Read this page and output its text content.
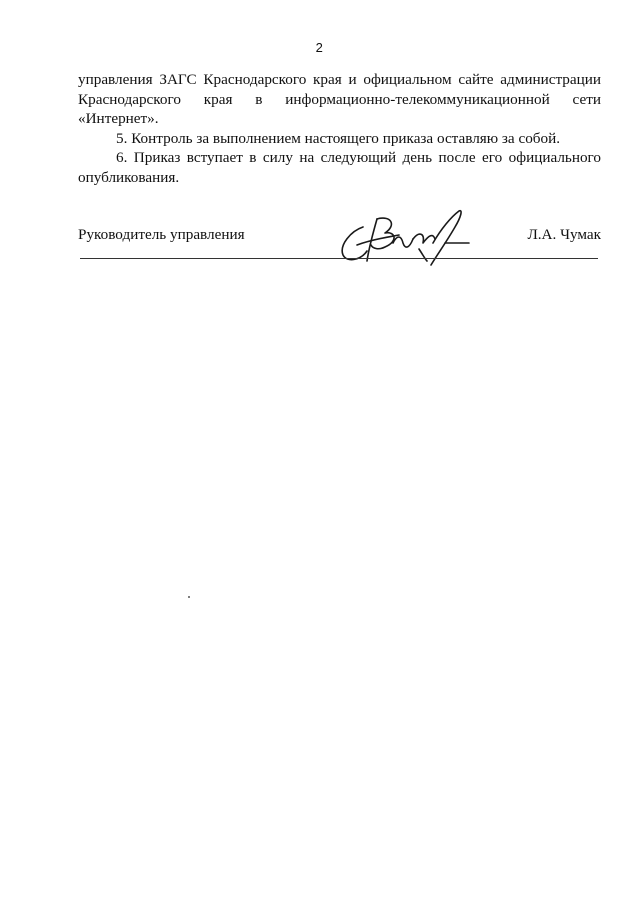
2

управления ЗАГС Краснодарского края и официальном сайте администрации

Краснодарского края в информационно-телекоммуникационной сети

«Интернет».

5. Контроль за выполнением настоящего приказа оставляю за собой.

6. Приказ вступает в силу на следующий день после его официального

опубликования.

Руководитель управления	Л.А. Чумак
